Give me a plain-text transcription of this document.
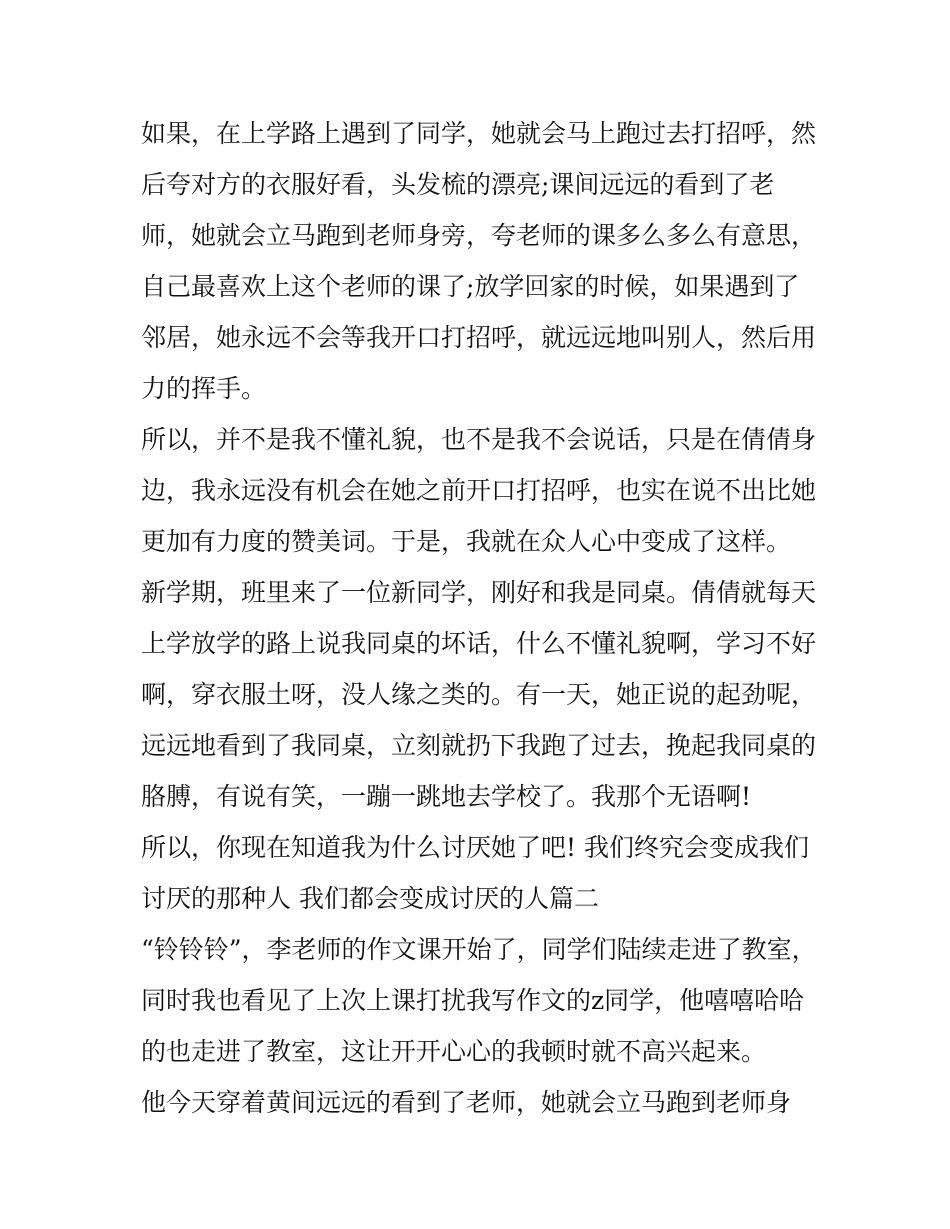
如果，在上学路上遇到了同学，她就会马上跑过去打招呼，然
后夸对方的衣服好看，头发梳的漂亮;课间远远的看到了老
师，她就会立马跑到老师身旁，夸老师的课多么多么有意思，
自己最喜欢上这个老师的课了;放学回家的时候，如果遇到了
邻居，她永远不会等我开口打招呼，就远远地叫别人，然后用
力的挥手。
所以，并不是我不懂礼貌，也不是我不会说话，只是在倩倩身
边，我永远没有机会在她之前开口打招呼，也实在说不出比她
更加有力度的赞美词。于是，我就在众人心中变成了这样。
新学期，班里来了一位新同学，刚好和我是同桌。倩倩就每天
上学放学的路上说我同桌的坏话，什么不懂礼貌啊，学习不好
啊，穿衣服土呀，没人缘之类的。有一天，她正说的起劲呢，
远远地看到了我同桌，立刻就扔下我跑了过去，挽起我同桌的
胳膊，有说有笑，一蹦一跳地去学校了。我那个无语啊!
所以，你现在知道我为什么讨厌她了吧! 我们终究会变成我们
讨厌的那种人 我们都会变成讨厌的人篇二
“铃铃铃”，李老师的作文课开始了，同学们陆续走进了教室，
同时我也看见了上次上课打扰我写作文的z同学，他嘻嘻哈哈
的也走进了教室，这让开开心心的我顿时就不高兴起来。
他今天穿着黄间远远的看到了老师，她就会立马跑到老师身
